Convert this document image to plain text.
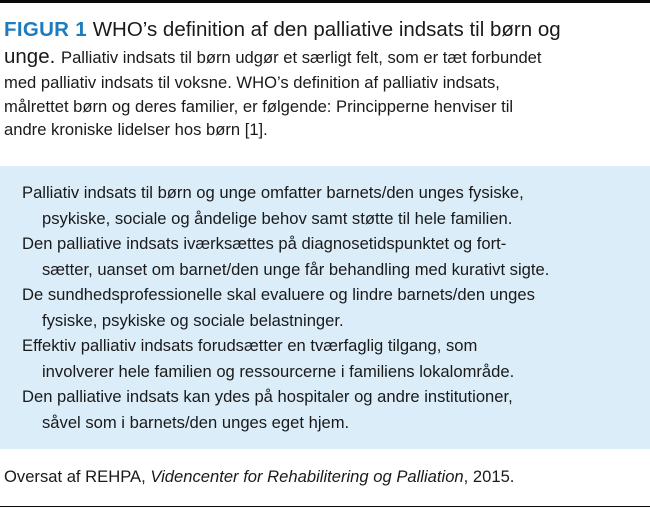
FIGUR 1 WHO’s definition af den palliative indsats til børn og
unge. Palliativ indsats til børn udgør et særligt felt, som er tæt forbundet
med palliativ indsats til voksne. WHO’s definition af palliativ indsats,
målrettet børn og deres familier, er følgende: Principperne henviser til
andre kroniske lidelser hos børn [1].
Palliativ indsats til børn og unge omfatter barnets/den unges fysiske,
psykiske, sociale og åndelige behov samt støtte til hele familien.
Den palliative indsats iværksættes på diagnosetidspunktet og fort-
sætter, uanset om barnet/den unge får behandling med kurativt sigte.
De sundhedsprofessionelle skal evaluere og lindre barnets/den unges
fysiske, psykiske og sociale belastninger.
Effektiv palliativ indsats forudsætter en tværfaglig tilgang, som
involverer hele familien og ressourcerne i familiens lokalområde.
Den palliative indsats kan ydes på hospitaler og andre institutioner,
såvel som i barnets/den unges eget hjem.
Oversat af REHPA, Videncenter for Rehabilitering og Palliation, 2015.
